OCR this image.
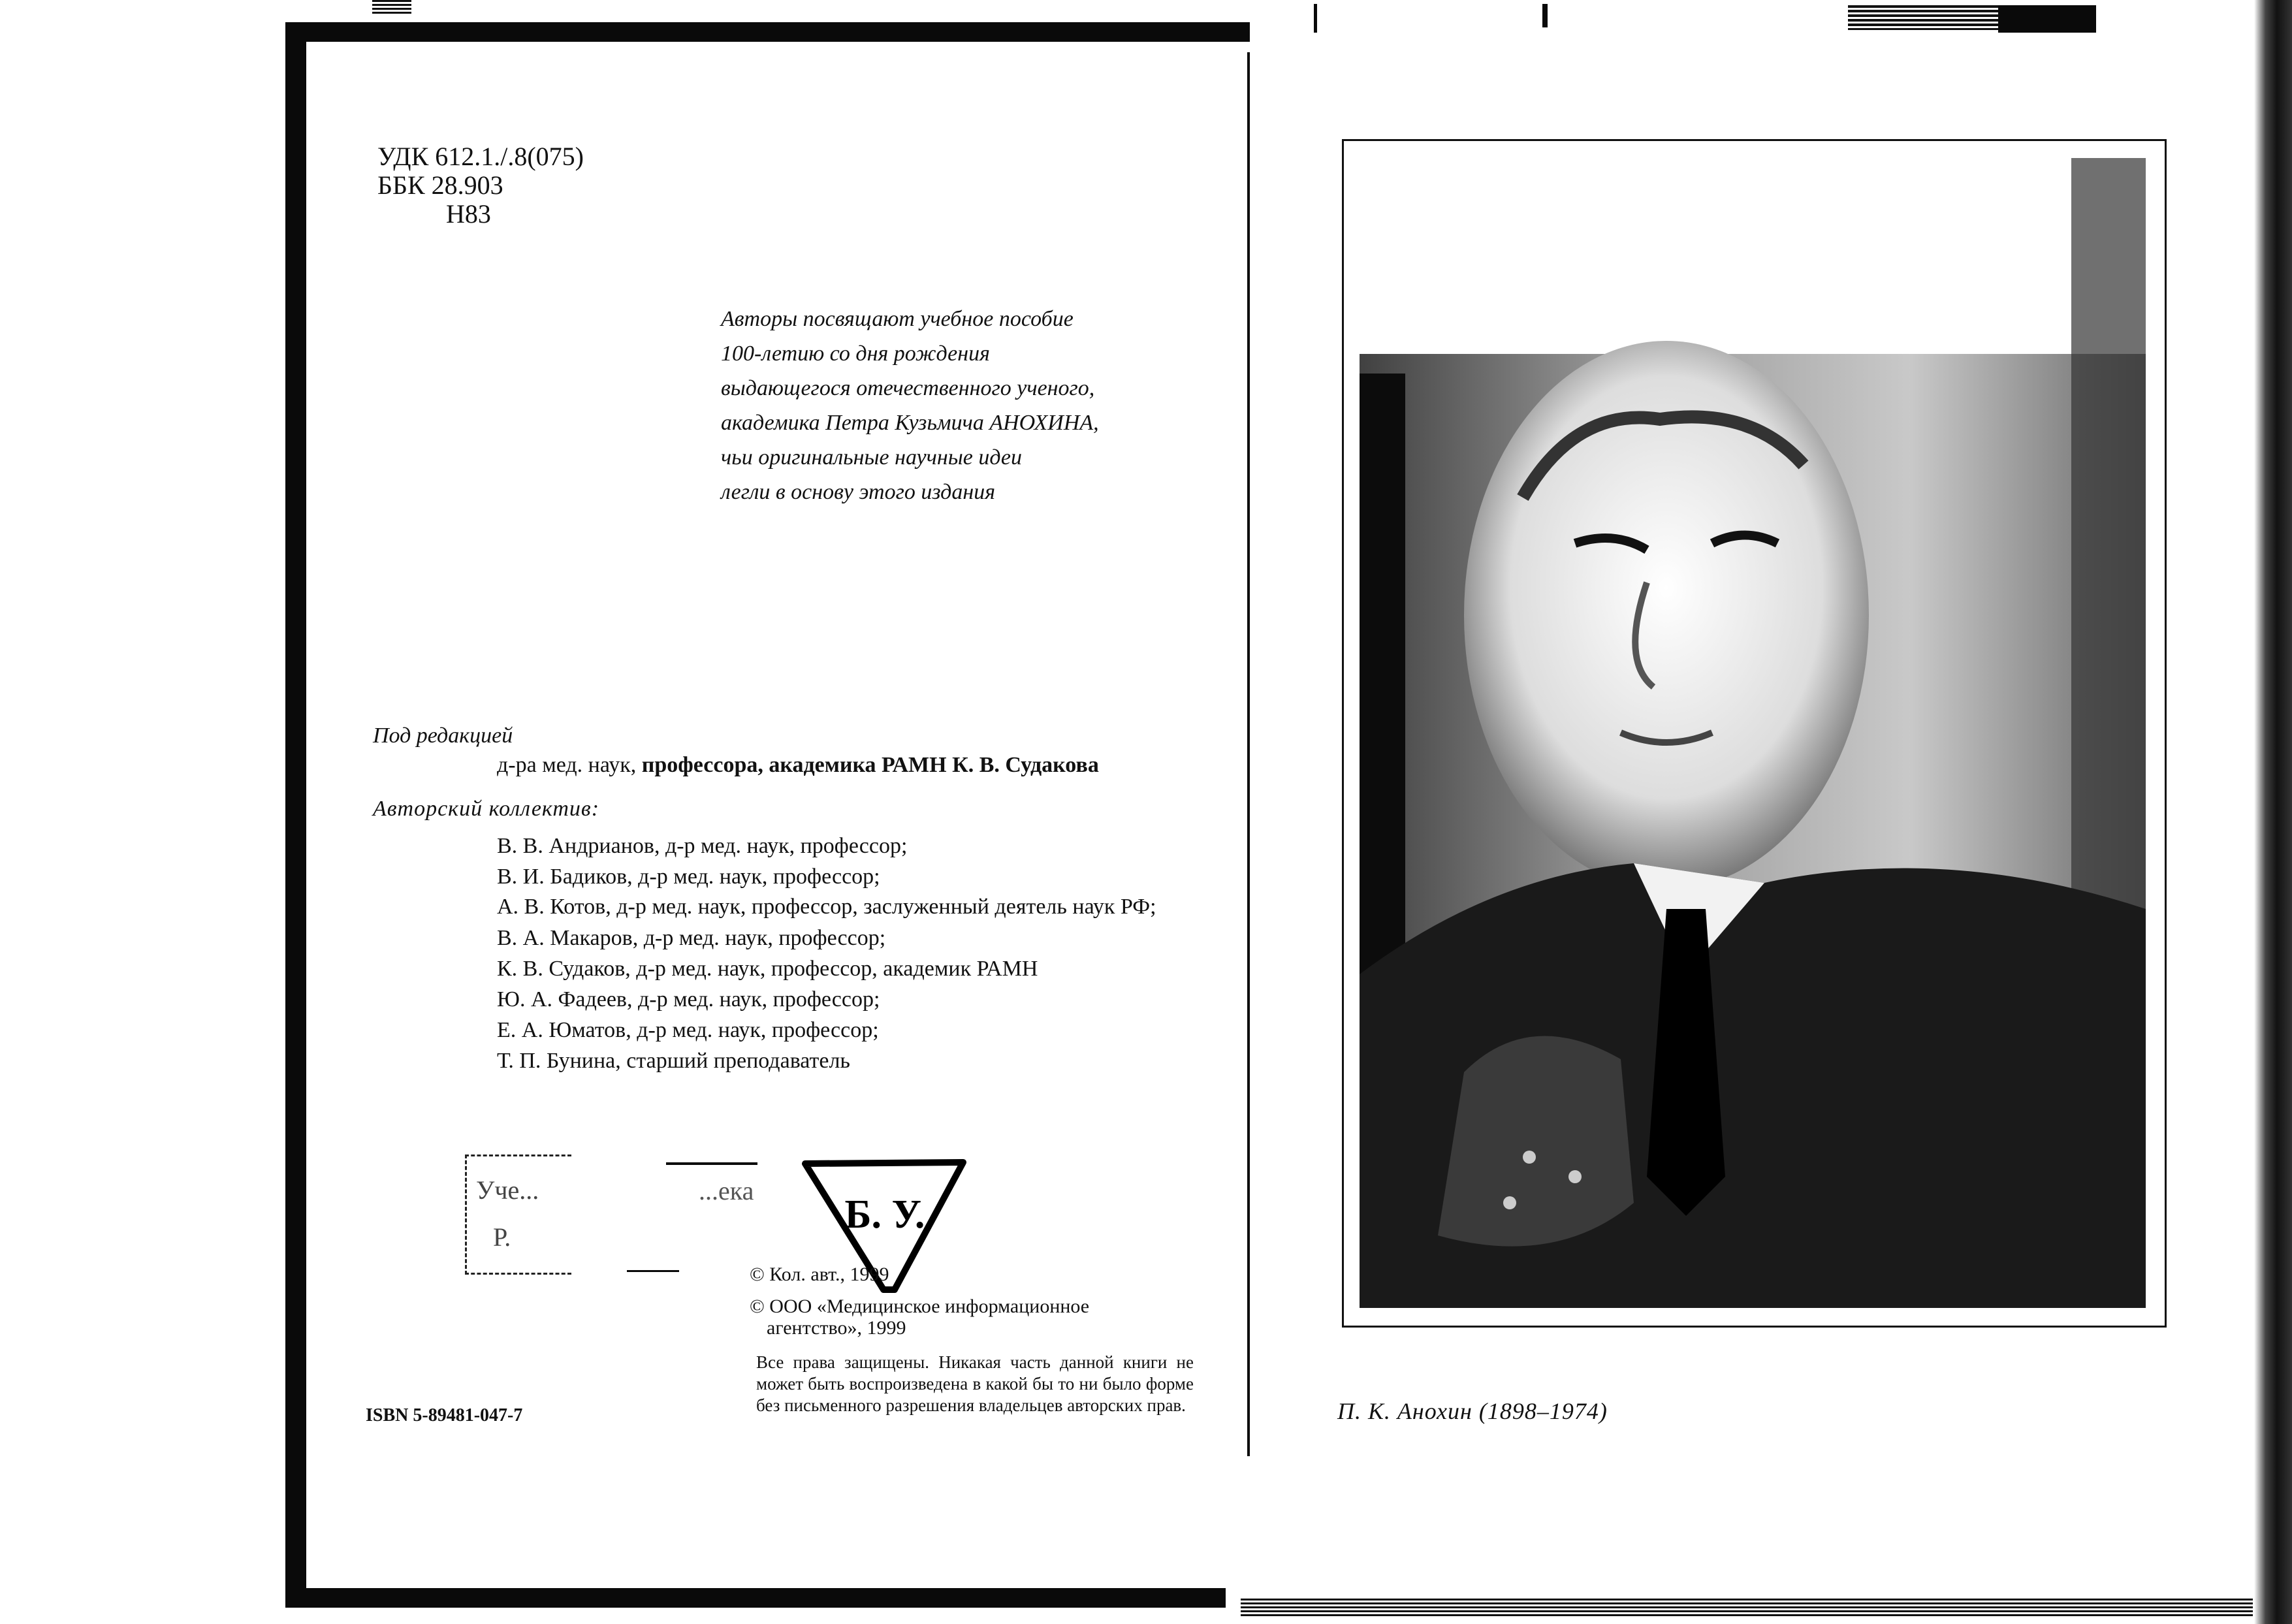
УДК 612.1./.8(075)
ББК 28.903
Н83
Авторы посвящают учебное пособие
100-летию со дня рождения
выдающегося отечественного ученого,
академика Петра Кузьмича АНОХИНА,
чьи оригинальные научные идеи
легли в основу этого издания
Под редакцией
д-ра мед. наук, профессора, академика РАМН К. В. Судакова
Авторский коллектив:
В. В. Андрианов, д-р мед. наук, профессор;
В. И. Бадиков, д-р мед. наук, профессор;
А. В. Котов, д-р мед. наук, профессор, заслуженный деятель наук РФ;
В. А. Макаров, д-р мед. наук, профессор;
К. В. Судаков, д-р мед. наук, профессор, академик РАМН
Ю. А. Фадеев, д-р мед. наук, профессор;
Е. А. Юматов, д-р мед. наук, профессор;
Т. П. Бунина, старший преподаватель
Уче...
Р.
...ека
Б. У.
© Кол. авт., 1999
© ООО «Медицинское информационное агентство», 1999
Все права защищены. Никакая часть данной книги не может быть воспроизведена в какой бы то ни было форме без письменного разрешения владельцев авторских прав.
ISBN 5-89481-047-7	П. К. Анохин (1898–1974)
